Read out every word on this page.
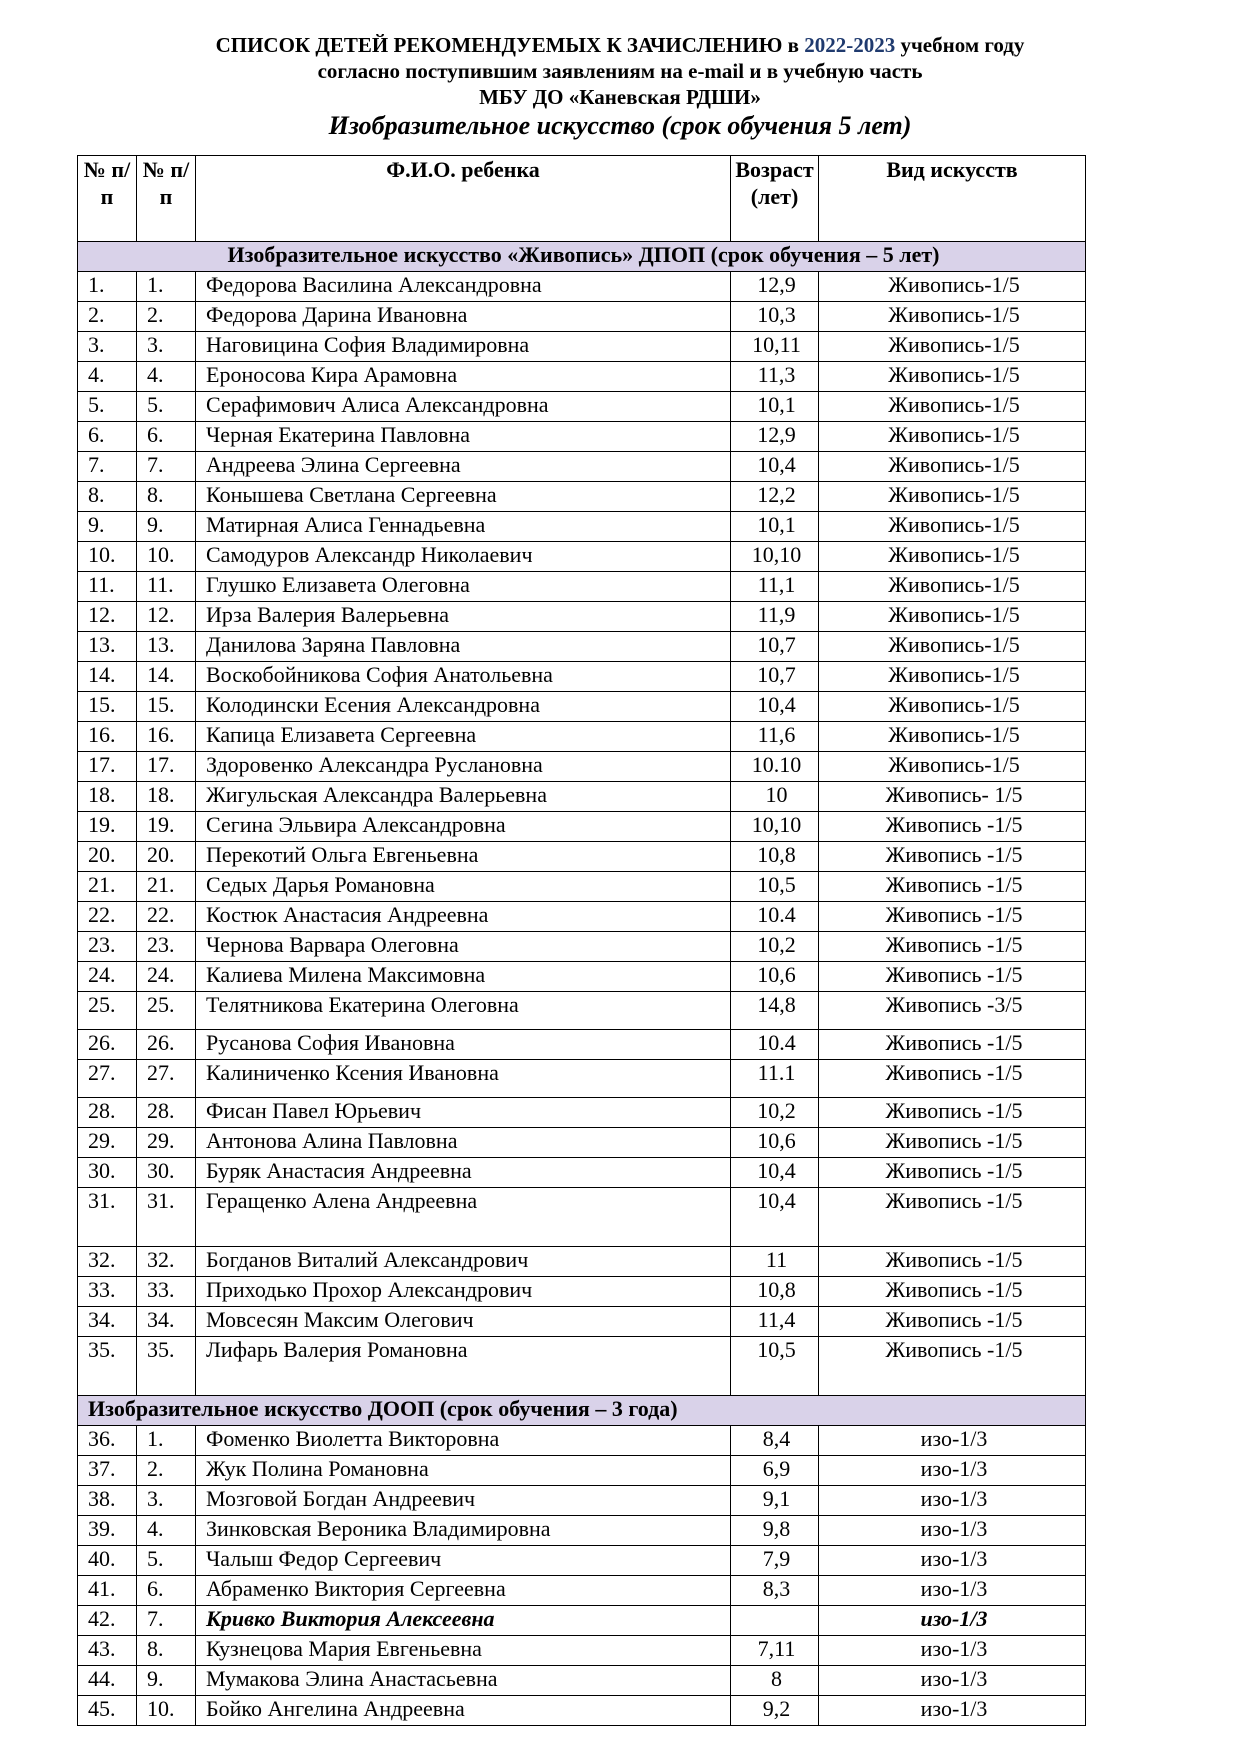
СПИСОК ДЕТЕЙ РЕКОМЕНДУЕМЫХ К ЗАЧИСЛЕНИЮ в 2022-2023 учебном году
согласно поступившим заявлениям на e-mail и в учебную часть
МБУ ДО «Каневская РДШИ»
Изобразительное искусство (срок обучения 5 лет)
№ п/п	№ п/п	Ф.И.О. ребенка	Возраст (лет)	Вид искусств
Изобразительное искусство «Живопись» ДПОП (срок обучения – 5 лет)				
1.	1.	Федорова Василина Александровна	12,9	Живопись-1/5
2.	2.	Федорова Дарина Ивановна	10,3	Живопись-1/5
3.	3.	Наговицина София Владимировна	10,11	Живопись-1/5
4.	4.	Ероносова Кира Арамовна	11,3	Живопись-1/5
5.	5.	Серафимович Алиса Александровна	10,1	Живопись-1/5
6.	6.	Черная Екатерина Павловна	12,9	Живопись-1/5
7.	7.	Андреева Элина Сергеевна	10,4	Живопись-1/5
8.	8.	Конышева Светлана Сергеевна	12,2	Живопись-1/5
9.	9.	Матирная Алиса Геннадьевна	10,1	Живопись-1/5
10.	10.	Самодуров Александр Николаевич	10,10	Живопись-1/5
11.	11.	Глушко Елизавета Олеговна	11,1	Живопись-1/5
12.	12.	Ирза Валерия Валерьевна	11,9	Живопись-1/5
13.	13.	Данилова Заряна Павловна	10,7	Живопись-1/5
14.	14.	Воскобойникова София Анатольевна	10,7	Живопись-1/5
15.	15.	Колодински Есения Александровна	10,4	Живопись-1/5
16.	16.	Капица Елизавета Сергеевна	11,6	Живопись-1/5
17.	17.	Здоровенко Александра Руслановна	10.10	Живопись-1/5
18.	18.	Жигульская Александра Валерьевна	10	Живопись- 1/5
19.	19.	Сегина Эльвира Александровна	10,10	Живопись -1/5
20.	20.	Перекотий Ольга Евгеньевна	10,8	Живопись -1/5
21.	21.	Седых Дарья Романовна	10,5	Живопись -1/5
22.	22.	Костюк Анастасия Андреевна	10.4	Живопись -1/5
23.	23.	Чернова Варвара Олеговна	10,2	Живопись -1/5
24.	24.	Калиева Милена Максимовна	10,6	Живопись -1/5
25.	25.	Телятникова Екатерина Олеговна	14,8	Живопись -3/5
26.	26.	Русанова София Ивановна	10.4	Живопись -1/5
27.	27.	Калиниченко Ксения Ивановна	11.1	Живопись -1/5
28.	28.	Фисан Павел Юрьевич	10,2	Живопись -1/5
29.	29.	Антонова Алина Павловна	10,6	Живопись -1/5
30.	30.	Буряк Анастасия Андреевна	10,4	Живопись -1/5
31.	31.	Геращенко Алена Андреевна	10,4	Живопись -1/5
32.	32.	Богданов Виталий Александрович	11	Живопись -1/5
33.	33.	Приходько Прохор Александрович	10,8	Живопись -1/5
34.	34.	Мовсесян Максим Олегович	11,4	Живопись -1/5
35.	35.	Лифарь Валерия Романовна	10,5	Живопись -1/5
Изобразительное искусство ДООП (срок обучения – 3 года)				
36.	1.	Фоменко Виолетта Викторовна	8,4	изо-1/3
37.	2.	Жук Полина Романовна	6,9	изо-1/3
38.	3.	Мозговой Богдан Андреевич	9,1	изо-1/3
39.	4.	Зинковская Вероника Владимировна	9,8	изо-1/3
40.	5.	Чалыш Федор Сергеевич	7,9	изо-1/3
41.	6.	Абраменко Виктория Сергеевна	8,3	изо-1/3
42.	7.	Кривко Виктория Алексеевна		изо-1/3
43.	8.	Кузнецова Мария Евгеньевна	7,11	изо-1/3
44.	9.	Мумакова Элина Анастасьевна	8	изо-1/3
45.	10.	Бойко Ангелина Андреевна	9,2	изо-1/3
